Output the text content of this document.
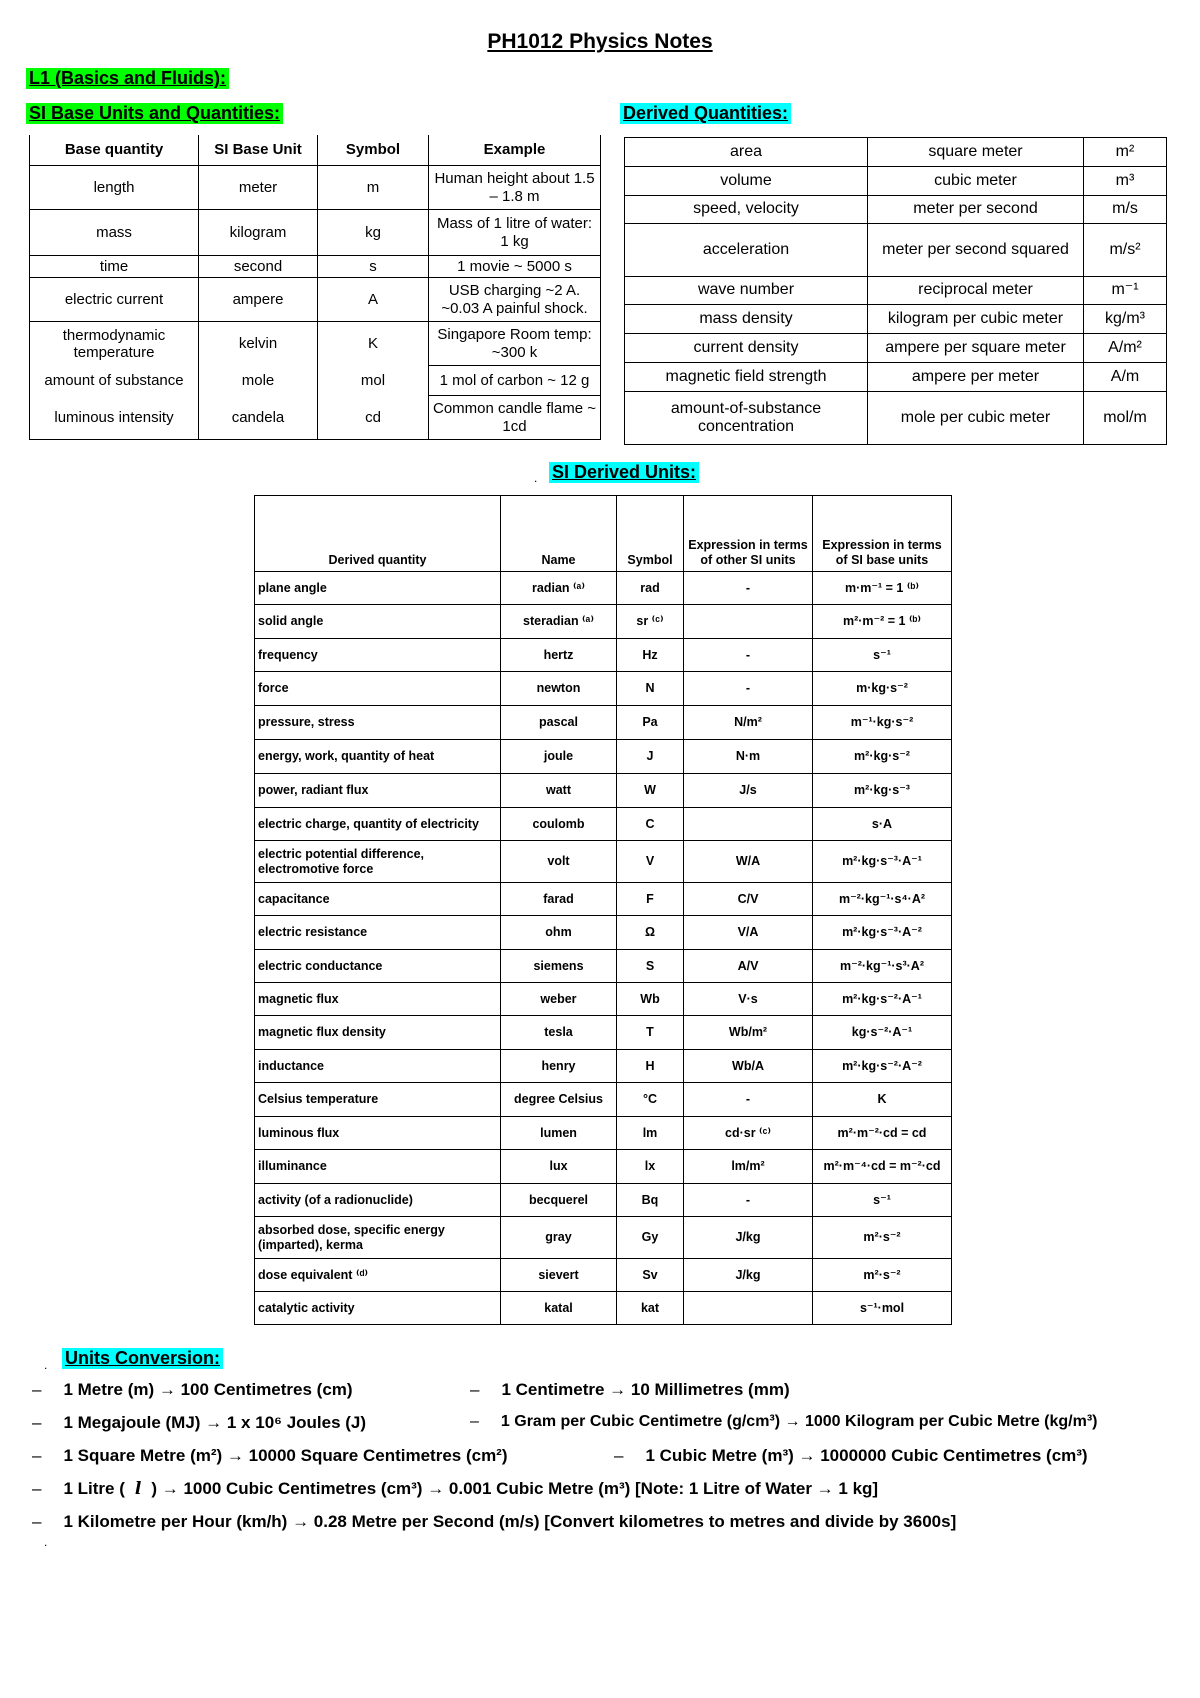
PH1012 Physics Notes
L1 (Basics and Fluids):
SI Base Units and Quantities:	Derived Quantities:
Base quantity	SI Base Unit	Symbol	Example
length	meter	m	Human height about 1.5 – 1.8 m
mass	kilogram	kg	Mass of 1 litre of water: 1 kg
time	second	s	1 movie ~ 5000 s
electric current	ampere	A	USB charging ~2 A. ~0.03 A painful shock.
thermodynamic temperature	kelvin	K	Singapore Room temp: ~300 k
amount of substance	mole	mol	1 mol of carbon ~ 12 g
luminous intensity	candela	cd	Common candle flame ~ 1cd
area	square meter	m²
volume	cubic meter	m³
speed, velocity	meter per second	m/s
acceleration	meter per second squared	m/s²
wave number	reciprocal meter	m⁻¹
mass density	kilogram per cubic meter	kg/m³
current density	ampere per square meter	A/m²
magnetic field strength	ampere per meter	A/m
amount-of-substance concentration	mole per cubic meter	mol/m
. SI Derived Units:
Derived quantity	Name	Symbol	Expression in terms of other SI units	Expression in terms of SI base units
plane angle	radian ⁽ᵃ⁾	rad	-	m·m⁻¹ = 1 ⁽ᵇ⁾
solid angle	steradian ⁽ᵃ⁾	sr ⁽ᶜ⁾		m²·m⁻² = 1 ⁽ᵇ⁾
frequency	hertz	Hz	-	s⁻¹
force	newton	N	-	m·kg·s⁻²
pressure, stress	pascal	Pa	N/m²	m⁻¹·kg·s⁻²
energy, work, quantity of heat	joule	J	N·m	m²·kg·s⁻²
power, radiant flux	watt	W	J/s	m²·kg·s⁻³
electric charge, quantity of electricity	coulomb	C		s·A
electric potential difference, electromotive force	volt	V	W/A	m²·kg·s⁻³·A⁻¹
capacitance	farad	F	C/V	m⁻²·kg⁻¹·s⁴·A²
electric resistance	ohm	Ω	V/A	m²·kg·s⁻³·A⁻²
electric conductance	siemens	S	A/V	m⁻²·kg⁻¹·s³·A²
magnetic flux	weber	Wb	V·s	m²·kg·s⁻²·A⁻¹
magnetic flux density	tesla	T	Wb/m²	kg·s⁻²·A⁻¹
inductance	henry	H	Wb/A	m²·kg·s⁻²·A⁻²
Celsius temperature	degree Celsius	°C	-	K
luminous flux	lumen	lm	cd·sr ⁽ᶜ⁾	m²·m⁻²·cd = cd
illuminance	lux	lx	lm/m²	m²·m⁻⁴·cd = m⁻²·cd
activity (of a radionuclide)	becquerel	Bq	-	s⁻¹
absorbed dose, specific energy (imparted), kerma	gray	Gy	J/kg	m²·s⁻²
dose equivalent ⁽ᵈ⁾	sievert	Sv	J/kg	m²·s⁻²
catalytic activity	katal	kat		s⁻¹·mol
. Units Conversion:
– 1 Metre (m) → 100 Centimetres (cm)	– 1 Centimetre → 10 Millimetres (mm)
– 1 Megajoule (MJ) → 1 x 10⁶ Joules (J)	– 1 Gram per Cubic Centimetre (g/cm³) → 1000 Kilogram per Cubic Metre (kg/m³)
– 1 Square Metre (m²) → 10000 Square Centimetres (cm²)	– 1 Cubic Metre (m³) → 1000000 Cubic Centimetres (cm³)
– 1 Litre ( l ) → 1000 Cubic Centimetres (cm³) → 0.001 Cubic Metre (m³) [Note: 1 Litre of Water → 1 kg]
– 1 Kilometre per Hour (km/h) → 0.28 Metre per Second (m/s) [Convert kilometres to metres and divide by 3600s]
.
